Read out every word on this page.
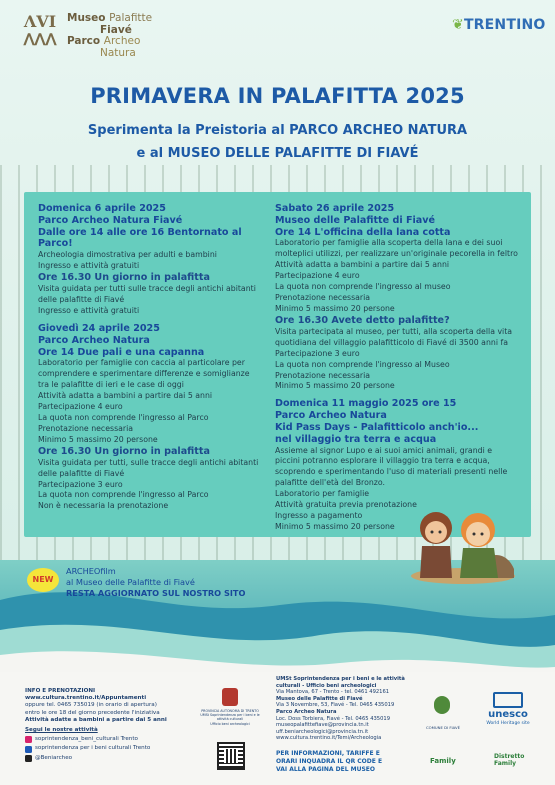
ΛVI
ᐱᐱᐱ
Museo Palafitte
Fiavé
Parco Archeo
Natura
❦TRENTINO
PRIMAVERA IN PALAFITTA 2025
Sperimenta la Preistoria al PARCO ARCHEO NATURA
e al MUSEO DELLE PALAFITTE DI FIAVÉ
Domenica 6 aprile 2025
Parco Archeo Natura Fiavé
Dalle ore 14 alle ore 16 Bentornato al Parco!
Archeologia dimostrativa per adulti e bambini
Ingresso e attività gratuiti
Ore 16.30 Un giorno in palafitta
Visita guidata per tutti sulle tracce degli antichi abitanti
delle palafitte di Fiavé
Ingresso e attività gratuiti
Giovedì 24 aprile 2025
Parco Archeo Natura
Ore 14 Due pali e una capanna
Laboratorio per famiglie con caccia al particolare per
comprendere e sperimentare differenze e somiglianze
tra le palafitte di ieri e le case di oggi
Attività adatta a bambini a partire dai 5 anni
Partecipazione 4 euro
La quota non comprende l'ingresso al Parco
Prenotazione necessaria
Minimo 5 massimo 20 persone
Ore 16.30 Un giorno in palafitta
Visita guidata per tutti, sulle tracce degli antichi abitanti
delle palafitte di Fiavé
Partecipazione 3 euro
La quota non comprende l'ingresso al Parco
Non è necessaria la prenotazione
Sabato 26 aprile 2025
Museo delle Palafitte di Fiavé
Ore 14 L'officina della lana cotta
Laboratorio per famiglie alla scoperta della lana e dei suoi
molteplici utilizzi, per realizzare un'originale pecorella in feltro
Attività adatta a bambini a partire dai 5 anni
Partecipazione 4 euro
La quota non comprende l'ingresso al museo
Prenotazione necessaria
Minimo 5 massimo 20 persone
Ore 16.30 Avete detto palafitte?
Visita partecipata al museo, per tutti, alla scoperta della vita
quotidiana del villaggio palafitticolo di Fiavé di 3500 anni fa
Partecipazione 3 euro
La quota non comprende l'ingresso al Museo
Prenotazione necessaria
Minimo 5 massimo 20 persone
Domenica 11 maggio 2025 ore 15
Parco Archeo Natura
Kid Pass Days - Palafitticolo anch'io...
nel villaggio tra terra e acqua
Assieme al signor Lupo e ai suoi amici animali, grandi e
piccini potranno esplorare il villaggio tra terra e acqua,
scoprendo e sperimentando l'uso di materiali presenti nelle
palafitte dell'età del Bronzo.
Laboratorio per famiglie
Attività gratuita previa prenotazione
Ingresso a pagamento
Minimo 5 massimo 20 persone
NEW
ARCHEOfilm
al Museo delle Palafitte di Fiavé
RESTA AGGIORNATO SUL NOSTRO SITO
INFO E PRENOTAZIONI
www.cultura.trentino.it/Appuntamenti
oppure tel. 0465 735019 (in orario di apertura)
entro le ore 18 del giorno precedente l'iniziativa
Attività adatte a bambini a partire dai 5 anni
Segui le nostre attività
soprintendenza_beni_culturali Trento
soprintendenza per i beni culturali Trento
@Beniarcheo
PROVINCIA AUTONOMA DI TRENTO
UMSt Soprintendenza per i beni e le attività culturali
Ufficio beni archeologici
UMSt Soprintendenza per i beni e le attività
culturali - Ufficio beni archeologici
Via Mantova, 67 - Trento - tel. 0461 492161
Museo delle Palafitte di Fiavé
Via 3 Novembre, 53, Fiavé - Tel. 0465 435019
Parco Archeo Natura
Loc. Doss Torbiera, Fiavé - Tel. 0465 435019
museopalafittefiave@provincia.tn.it
uff.beniarcheologici@provincia.tn.it
www.cultura.trentino.it/Temi/Archeologia
PER INFORMAZIONI, TARIFFE E
ORARI INQUADRA IL QR CODE E
VAI ALLA PAGINA DEL MUSEO
COMUNE DI FIAVÉ
unesco
World Heritage site
Family
Distretto Family
